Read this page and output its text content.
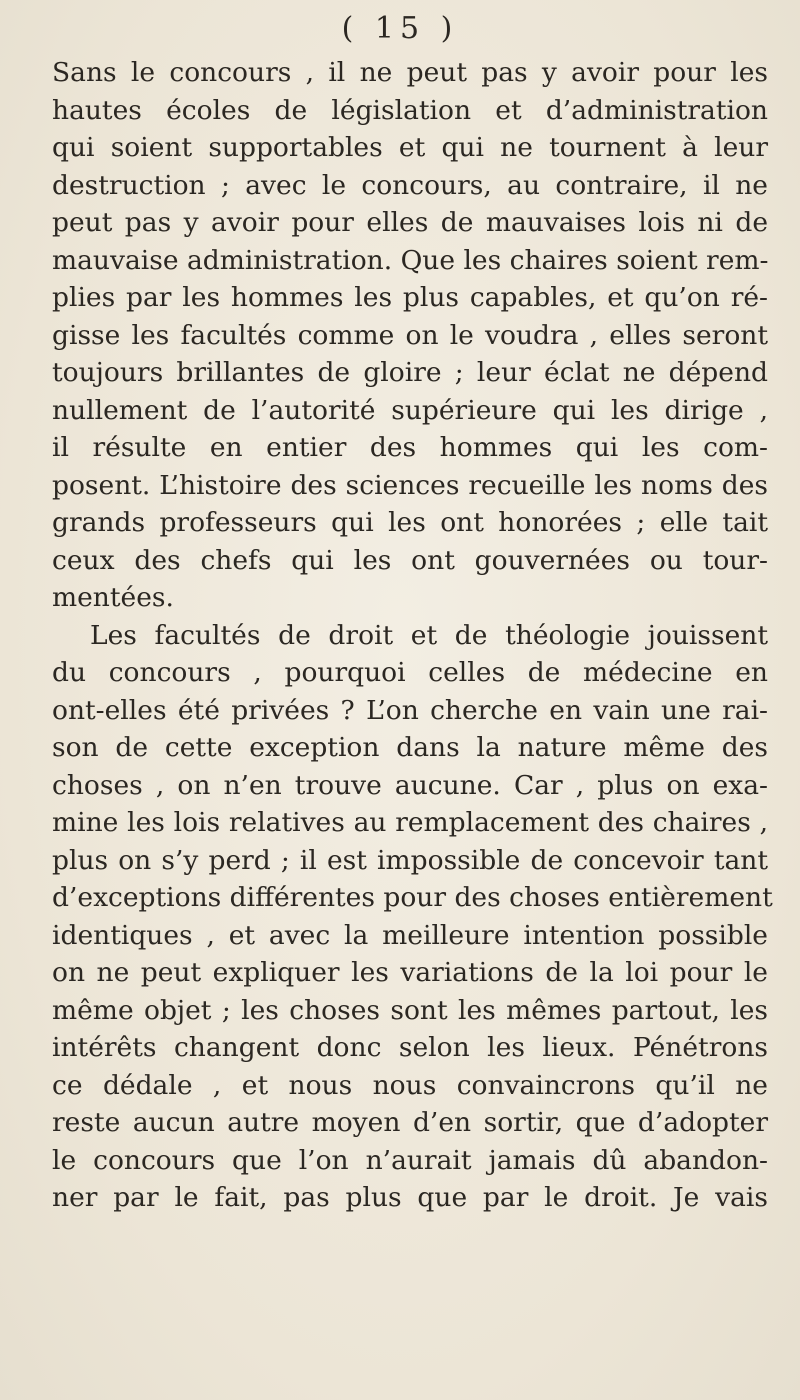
( 15 )
Sans le concours , il ne peut pas y avoir pour les
hautes écoles de législation et d’administration
qui soient supportables et qui ne tournent à leur
destruction ; avec le concours, au contraire, il ne
peut pas y avoir pour elles de mauvaises lois ni de
mauvaise administration. Que les chaires soient rem-
plies par les hommes les plus capables, et qu’on ré-
gisse les facultés comme on le voudra , elles seront
toujours brillantes de gloire ; leur éclat ne dépend
nullement de l’autorité supérieure qui les dirige ,
il résulte en entier des hommes qui les com-
posent. L’histoire des sciences recueille les noms des
grands professeurs qui les ont honorées ; elle tait
ceux des chefs qui les ont gouvernées ou tour-
mentées.
Les facultés de droit et de théologie jouissent
du concours , pourquoi celles de médecine en
ont-elles été privées ? L’on cherche en vain une rai-
son de cette exception dans la nature même des
choses , on n’en trouve aucune. Car , plus on exa-
mine les lois relatives au remplacement des chaires ,
plus on s’y perd ; il est impossible de concevoir tant
d’exceptions différentes pour des choses entièrement
identiques , et avec la meilleure intention possible
on ne peut expliquer les variations de la loi pour le
même objet ; les choses sont les mêmes partout, les
intérêts changent donc selon les lieux. Pénétrons
ce dédale , et nous nous convaincrons qu’il ne
reste aucun autre moyen d’en sortir, que d’adopter
le concours que l’on n’aurait jamais dû abandon-
ner par le fait, pas plus que par le droit. Je vais
